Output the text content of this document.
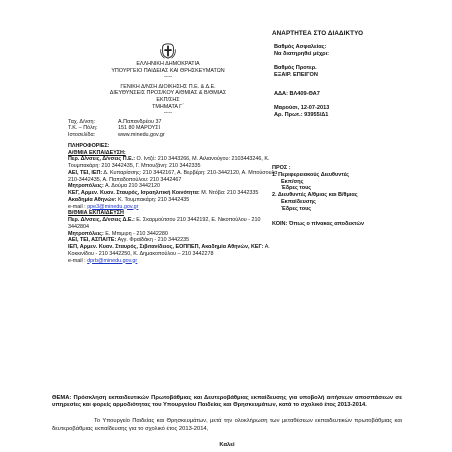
ΕΛΛΗΝΙΚΗ ΔΗΜΟΚΡΑΤΙΑ
ΥΠΟΥΡΓΕΙΟ ΠΑΙΔΕΙΑΣ ΚΑΙ ΘΡΗΣΚΕΥΜΑΤΩΝ
-----
ΓΕΝΙΚΗ Δ/ΝΣΗ ΔΙΟΙΚΗΣΗΣ Π.Ε. & Δ.Ε.
ΔΙΕΥΘΥΝΣΕΙΣ ΠΡΟΣ/ΚΟΥ Α/ΘΜΙΑΣ & Β/ΘΜΙΑΣ
ΕΚΠ/ΣΗΣ
ΤΜΗΜΑΤΑ Γ΄
-----
Ταχ. Δ/νση:	Α.Παπανδρέου 37
Τ.Κ. – Πόλη:	151 80 ΜΑΡΟΥΣΙ
Ιστοσελίδα:	www.minedu.gov.gr

ΠΛΗΡΟΦΟΡΙΕΣ:

Α/ΘΜΙΑ ΕΚΠΑΙΔΕΥΣΗ:

Περ. Δ/νσεις, Δ/νσεις Π.Ε.: Ο. Ιντζέ: 210 3443266, Μ. Αιλιανούγου: 2103443246, Κ. Τουμπακάρη: 210 3442435, Γ. Μπουζάνη: 210 3442335

ΑΕΙ, ΤΕΙ, ΙΕΠ: Δ. Κυπαρίσσης: 210 3442167, Α. Βερβέρη: 210-3442120, Α. Μπούσουλα 210-3442435, Α. Παπαδοπούλου: 210 3442467

Μητροπόλεις: Α. Δούμα 210 3442120

ΚΕΓ, Αρμεν. Κυαν. Σταυρός, Ισραηλιτική Κοινότητα: Μ. Ντόβα: 210 3442335

Ακαδημία Αθηνών: Κ. Τουμπακάρη: 210 3442435

e-mail : ppe3@minedu.gov.gr

Β/ΘΜΙΑ ΕΚΠΑΙΔΕΥΣΗ

Περ. Δ/νσεις, Δ/νσεις Δ.Ε.: Ε. Σκαρμούτσου 210 3442192, Ε. Νικοπούλου - 210 3442804

Μητροπόλεις: Ε. Μπιμιρη - 210 3442280

ΑΕΙ, ΤΕΙ, ΑΣΠΑΙΤΕ: Αγγ. Φραϊδάκη - 210 3442235

ΙΕΠ, Αρμεν. Κυαν. Σταυρός, Σιβιτανίδειος, ΕΟΠΠΕΠ, Ακαδημία Αθηνών, ΚΕΓ: Α. Κοκκινίδου - 210 3442250, Κ. Δημακοπούλου – 210 3442278

e-mail : dprb@minedu.gov.gr

ΑΝΑΡΤΗΤΕΑ ΣΤΟ ΔΙΑΔΙΚΤΥΟ

Βαθμός Ασφαλείας:

Να διατηρηθεί μέχρι:

Βαθμός Προτερ.

ΕΞΑΙΡ. ΕΠΕΙΓΟΝ

ΑΔΑ: ΒΛ409-ΘΑ7

Μαρούσι, 12-07-2013

Αρ. Πρωτ.: 93955/Δ1

ΠΡΟΣ :

1. Περιφερειακούς Διευθυντές

Εκπ/σης

Έδρες τους

2. Διευθυντές Α/θμιας και Β/θμιας

Εκπαίδευσης

Έδρες τους

ΚΟΙΝ: Όπως ο πίνακας αποδεκτών

ΘΕΜΑ: Πρόσκληση εκπαιδευτικών Πρωτοβάθμιας και Δευτεροβάθμιας εκπαίδευσης για υποβολή αιτήσεων αποσπάσεων σε υπηρεσίες και φορείς αρμοδιότητας του Υπουργείου Παιδείας και Θρησκευμάτων, κατά το σχολικό έτος 2013-2014.

Το Υπουργείο Παιδείας και Θρησκευμάτων, μετά την ολοκλήρωση των μεταθέσεων εκπαιδευτικών πρωτοβάθμιας και δευτεροβάθμιας εκπαίδευσης για το σχολικό έτος 2013-2014,

Καλεί
